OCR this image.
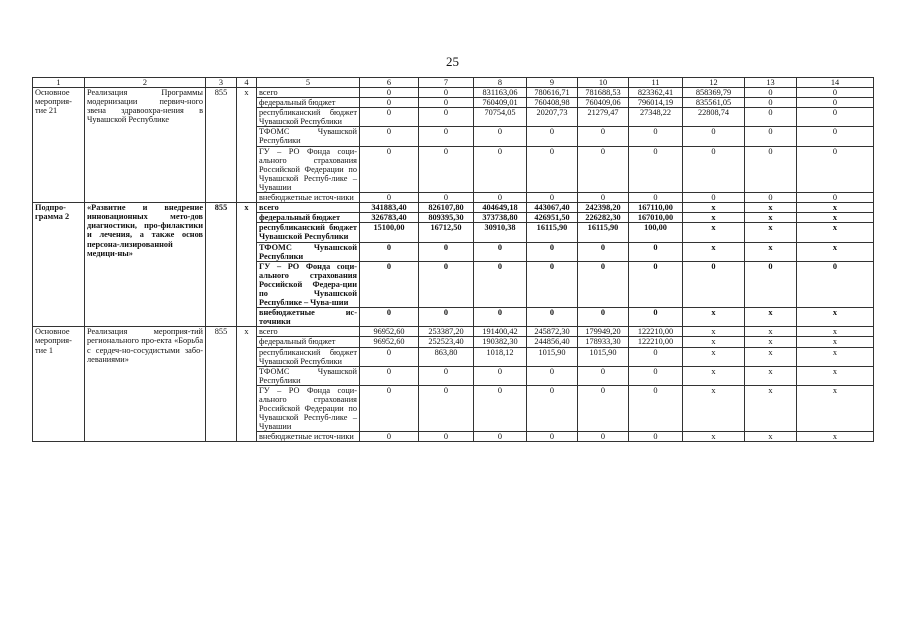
25
1	2	3	4	5	6	7	8	9	10	11	12	13	14
Основное мероприя-тие 21	Реализация Программы модернизации первич-ного звена здравоохра-нения в Чувашской Республике	855	x	всего	0	0	831163,06	780616,71	781688,53	823362,41	858369,79	0	0
				федеральный бюджет	0	0	760409,01	760408,98	760409,06	796014,19	835561,05	0	0
				республиканский бюджет Чувашской Республики	0	0	70754,05	20207,73	21279,47	27348,22	22808,74	0	0
				ТФОМС Чувашской Республики	0	0	0	0	0	0	0	0	0
				ГУ – РО Фонда соци-ального страхования Российской Федерации по Чувашской Респуб-лике – Чувашии	0	0	0	0	0	0	0	0	0
				внебюджетные источ-ники	0	0	0	0	0	0	0	0	0
Подпро-грамма 2	«Развитие и внедрение инновационных мето-дов диагностики, про-филактики и лечения, а также основ персона-лизированной медици-ны»	855	x	всего	341883,40	826107,80	404649,18	443067,40	242398,20	167110,00	x	x	x
				федеральный бюджет	326783,40	809395,30	373738,80	426951,50	226282,30	167010,00	x	x	x
				республиканский бюджет Чувашской Республики	15100,00	16712,50	30910,38	16115,90	16115,90	100,00	x	x	x
				ТФОМС Чувашской Республики	0	0	0	0	0	0	x	x	x
				ГУ – РО Фонда соци-ального страхования Российской Федера-ции по Чувашской Республике – Чува-шии	0	0	0	0	0	0	0	0	0
				внебюджетные ис-точники	0	0	0	0	0	0	x	x	x
Основное мероприя-тие 1	Реализация мероприя-тий регионального про-екта «Борьба с сердеч-но-сосудистыми забо-леваниями»	855	x	всего	96952,60	253387,20	191400,42	245872,30	179949,20	122210,00	x	x	x
				федеральный бюджет	96952,60	252523,40	190382,30	244856,40	178933,30	122210,00	x	x	x
				республиканский бюджет Чувашской Республики	0	863,80	1018,12	1015,90	1015,90	0	x	x	x
				ТФОМС Чувашской Республики	0	0	0	0	0	0	x	x	x
				ГУ – РО Фонда соци-ального страхования Российской Федерации по Чувашской Респуб-лике – Чувашии	0	0	0	0	0	0	x	x	x
				внебюджетные источ-ники	0	0	0	0	0	0	x	x	x
